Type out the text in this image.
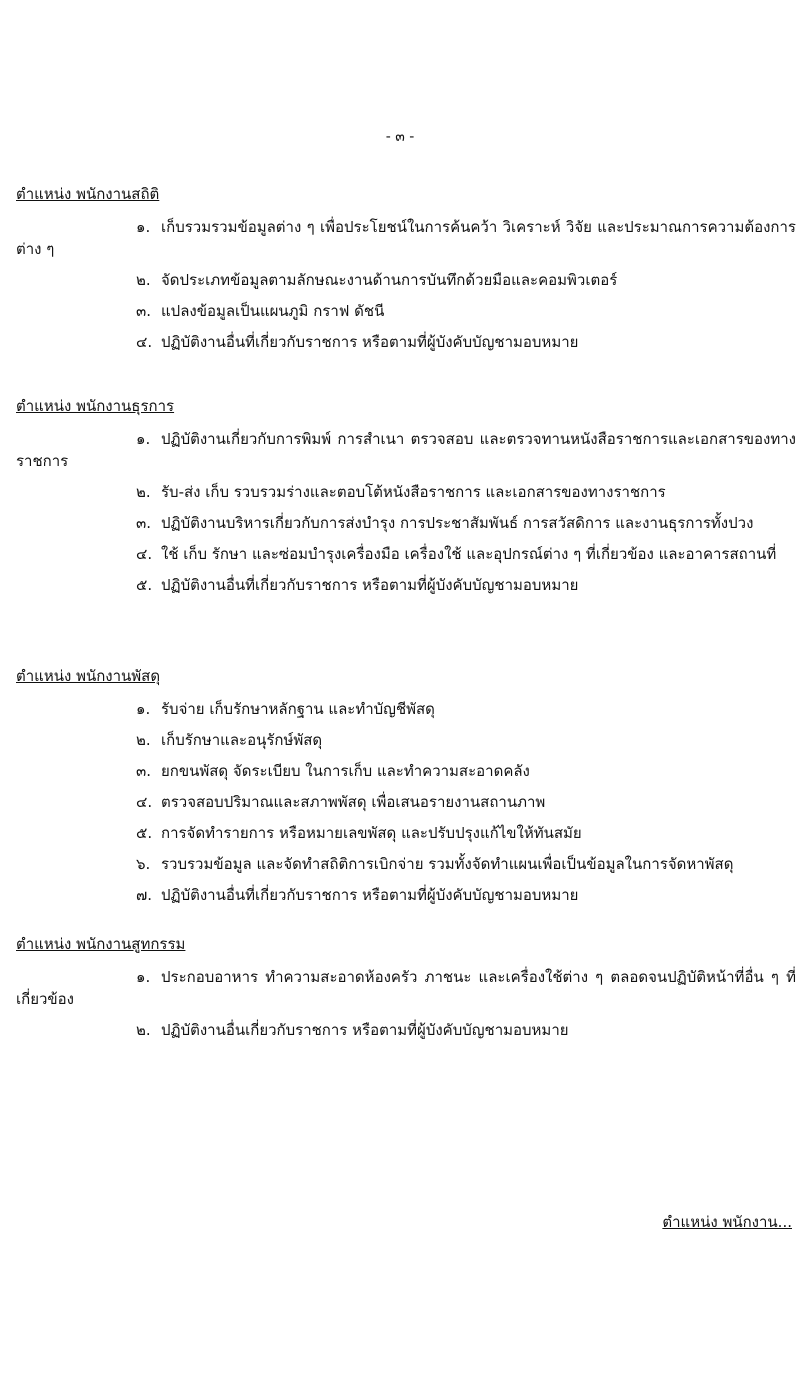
- ๓ -
ตำแหน่ง พนักงานสถิติ
๑. เก็บรวมรวมข้อมูลต่าง ๆ เพื่อประโยชน์ในการค้นคว้า วิเคราะห์ วิจัย และประมาณการความต้องการต่าง ๆ
๒. จัดประเภทข้อมูลตามลักษณะงานด้านการบันทึกด้วยมือและคอมพิวเตอร์
๓. แปลงข้อมูลเป็นแผนภูมิ กราฟ ดัชนี
๔. ปฏิบัติงานอื่นที่เกี่ยวกับราชการ หรือตามที่ผู้บังคับบัญชามอบหมาย
ตำแหน่ง พนักงานธุรการ
๑. ปฏิบัติงานเกี่ยวกับการพิมพ์ การสำเนา ตรวจสอบ และตรวจทานหนังสือราชการและเอกสารของทางราชการ
๒. รับ-ส่ง เก็บ รวบรวมร่างและตอบโต้หนังสือราชการ และเอกสารของทางราชการ
๓. ปฏิบัติงานบริหารเกี่ยวกับการส่งบำรุง การประชาสัมพันธ์ การสวัสดิการ และงานธุรการทั้งปวง
๔. ใช้ เก็บ รักษา และซ่อมบำรุงเครื่องมือ เครื่องใช้ และอุปกรณ์ต่าง ๆ ที่เกี่ยวข้อง และอาคารสถานที่
๕. ปฏิบัติงานอื่นที่เกี่ยวกับราชการ หรือตามที่ผู้บังคับบัญชามอบหมาย
ตำแหน่ง พนักงานพัสดุ
๑. รับจ่าย เก็บรักษาหลักฐาน และทำบัญชีพัสดุ
๒. เก็บรักษาและอนุรักษ์พัสดุ
๓. ยกขนพัสดุ จัดระเบียบ ในการเก็บ และทำความสะอาดคลัง
๔. ตรวจสอบปริมาณและสภาพพัสดุ เพื่อเสนอรายงานสถานภาพ
๕. การจัดทำรายการ หรือหมายเลขพัสดุ และปรับปรุงแก้ไขให้ทันสมัย
๖. รวบรวมข้อมูล และจัดทำสถิติการเบิกจ่าย รวมทั้งจัดทำแผนเพื่อเป็นข้อมูลในการจัดหาพัสดุ
๗. ปฏิบัติงานอื่นที่เกี่ยวกับราชการ หรือตามที่ผู้บังคับบัญชามอบหมาย
ตำแหน่ง พนักงานสูทกรรม
๑. ประกอบอาหาร ทำความสะอาดห้องครัว ภาชนะ และเครื่องใช้ต่าง ๆ ตลอดจนปฏิบัติหน้าที่อื่น ๆ ที่เกี่ยวข้อง
๒. ปฏิบัติงานอื่นเกี่ยวกับราชการ หรือตามที่ผู้บังคับบัญชามอบหมาย
ตำแหน่ง พนักงาน...
